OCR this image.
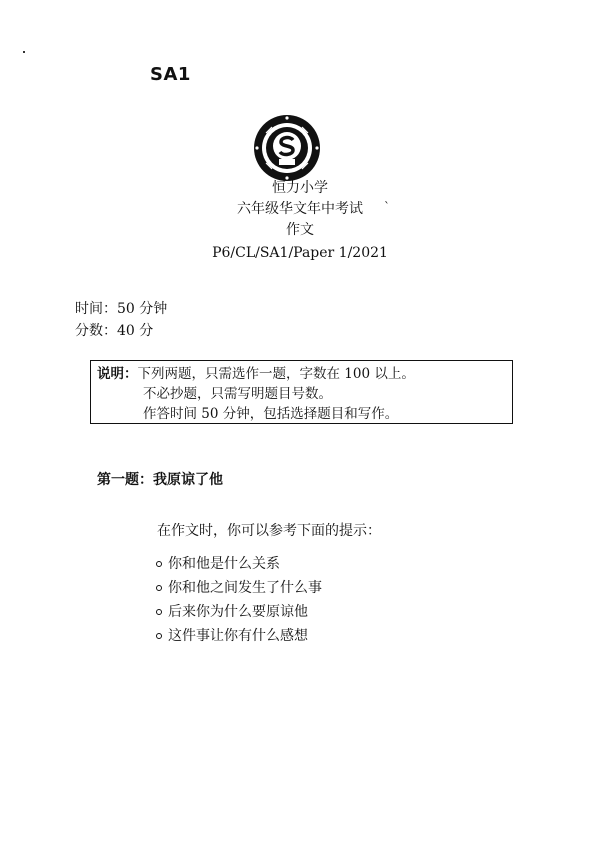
SA1
恒力小学
六年级华文年中考试
作文
P6/CL/SA1/Paper 1/2021
ˋ
时间：50 分钟
分数：40 分
说明：下列两题，只需选作一题，字数在 100 以上。
不必抄题，只需写明题目号数。
作答时间 50 分钟，包括选择题目和写作。
第一题：我原谅了他
在作文时，你可以参考下面的提示：
你和他是什么关系
你和他之间发生了什么事
后来你为什么要原谅他
这件事让你有什么感想
